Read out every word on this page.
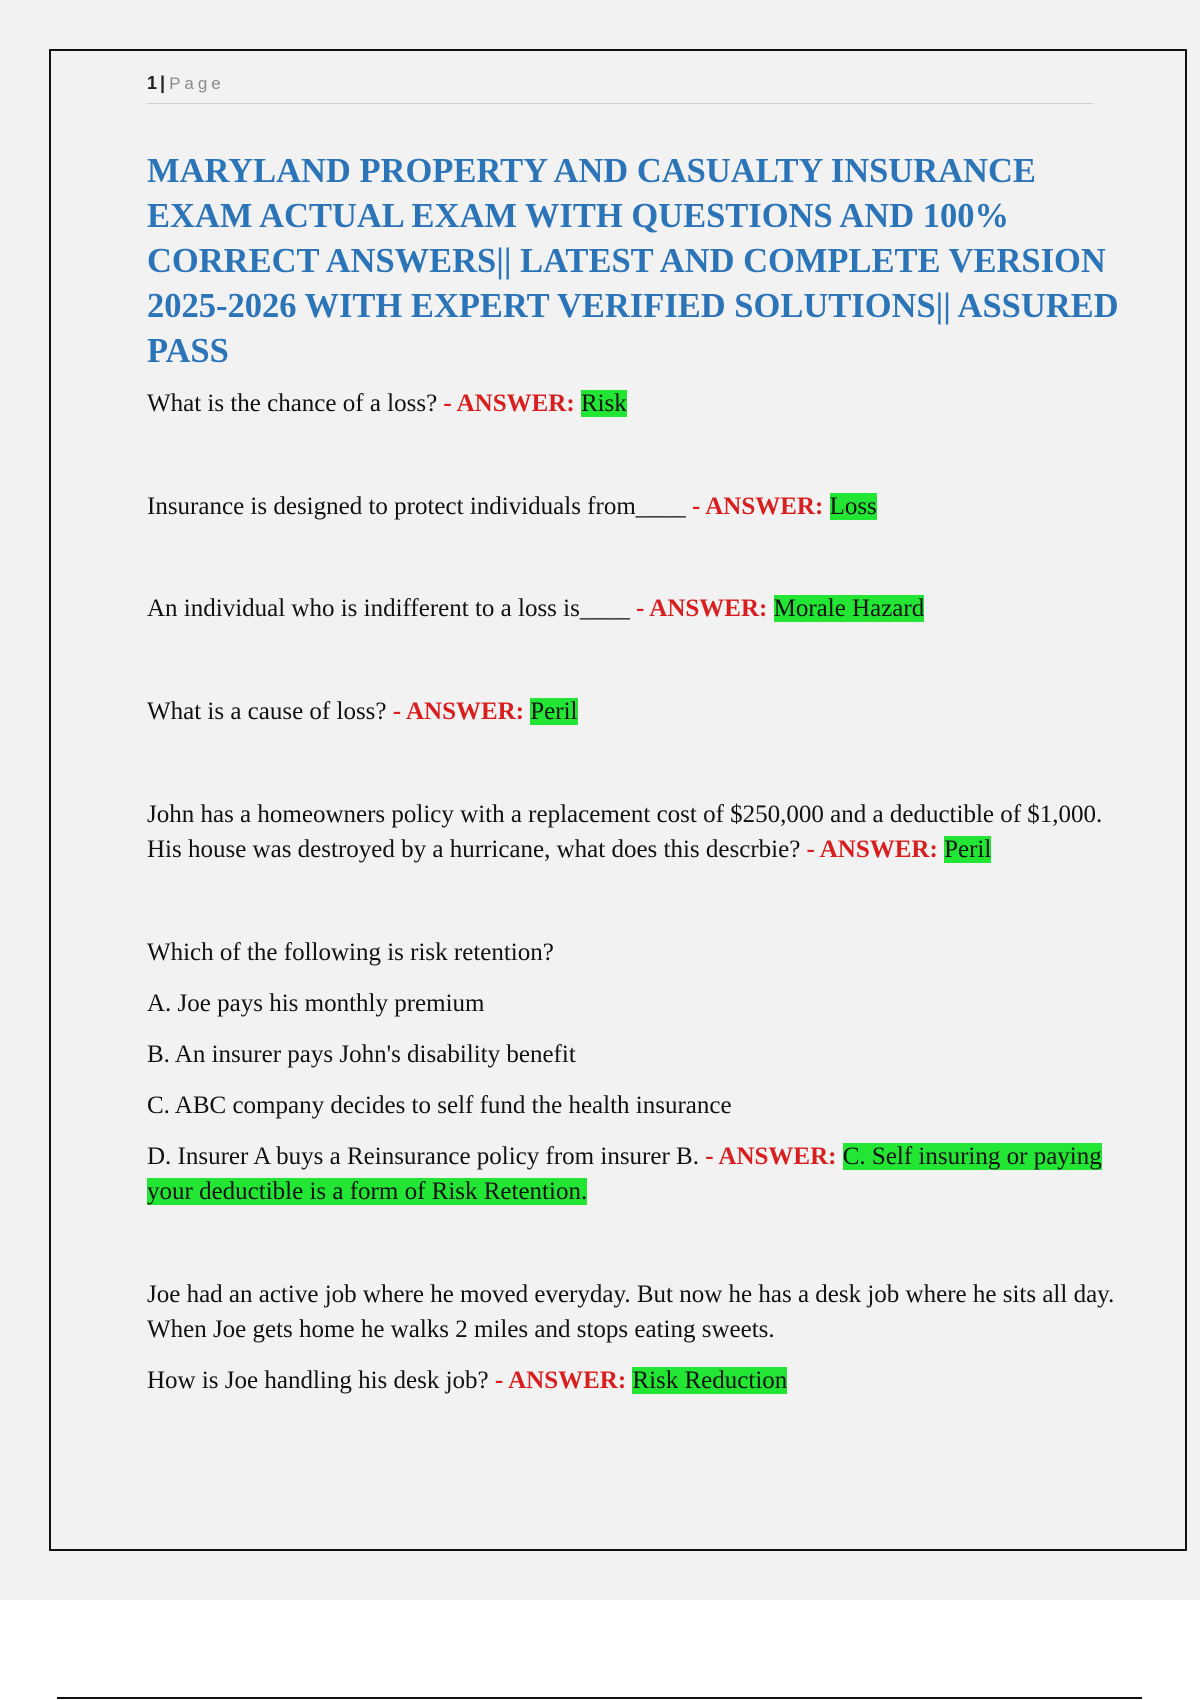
1 | Page
MARYLAND PROPERTY AND CASUALTY INSURANCE EXAM ACTUAL EXAM WITH QUESTIONS AND 100% CORRECT ANSWERS|| LATEST AND COMPLETE VERSION 2025-2026 WITH EXPERT VERIFIED SOLUTIONS|| ASSURED PASS

What is the chance of a loss? - ANSWER: Risk

Insurance is designed to protect individuals from____ - ANSWER: Loss

An individual who is indifferent to a loss is____ - ANSWER: Morale Hazard

What is a cause of loss? - ANSWER: Peril

John has a homeowners policy with a replacement cost of $250,000 and a deductible of $1,000. His house was destroyed by a hurricane, what does this descrbie? - ANSWER: Peril

Which of the following is risk retention?

A. Joe pays his monthly premium

B. An insurer pays John's disability benefit

C. ABC company decides to self fund the health insurance

D. Insurer A buys a Reinsurance policy from insurer B. - ANSWER: C. Self insuring or paying your deductible is a form of Risk Retention.

Joe had an active job where he moved everyday. But now he has a desk job where he sits all day. When Joe gets home he walks 2 miles and stops eating sweets.

How is Joe handling his desk job? - ANSWER: Risk Reduction
